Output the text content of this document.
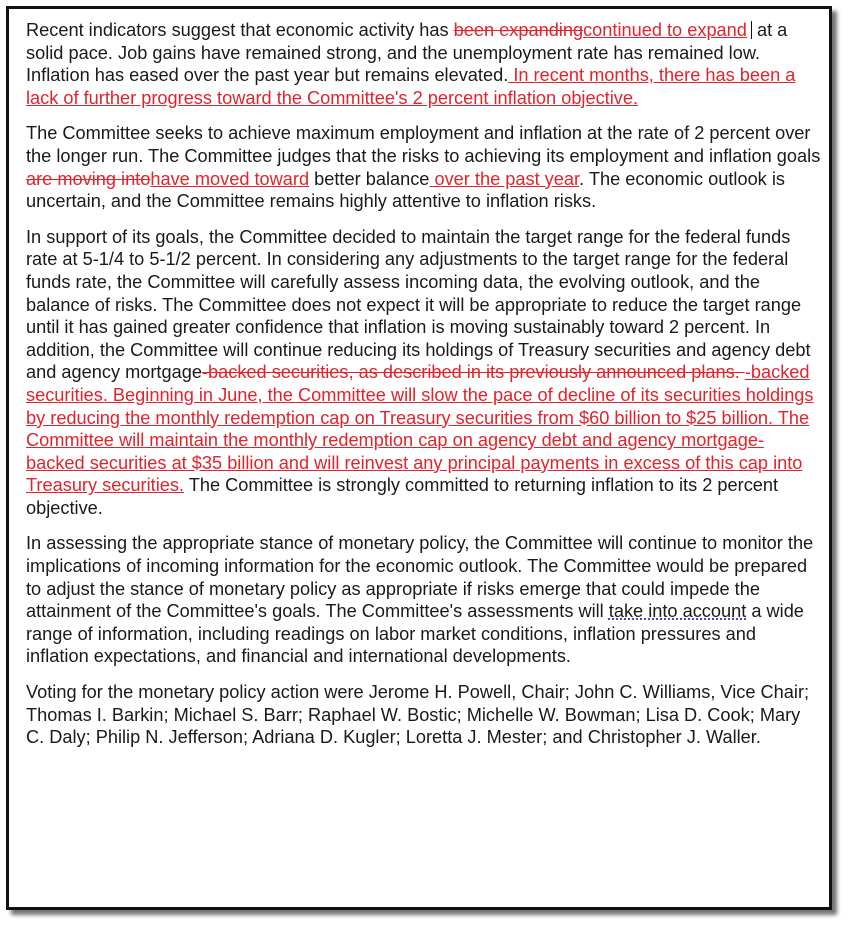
Recent indicators suggest that economic activity has been expandingcontinued to expand at a solid pace. Job gains have remained strong, and the unemployment rate has remained low. Inflation has eased over the past year but remains elevated. In recent months, there has been a lack of further progress toward the Committee's 2 percent inflation objective.

The Committee seeks to achieve maximum employment and inflation at the rate of 2 percent over the longer run. The Committee judges that the risks to achieving its employment and inflation goals are moving intohave moved toward better balance over the past year. The economic outlook is uncertain, and the Committee remains highly attentive to inflation risks.

In support of its goals, the Committee decided to maintain the target range for the federal funds rate at 5-1/4 to 5-1/2 percent. In considering any adjustments to the target range for the federal funds rate, the Committee will carefully assess incoming data, the evolving outlook, and the balance of risks. The Committee does not expect it will be appropriate to reduce the target range until it has gained greater confidence that inflation is moving sustainably toward 2 percent. In addition, the Committee will continue reducing its holdings of Treasury securities and agency debt and agency mortgage-backed securities, as described in its previously announced plans. -backed securities. Beginning in June, the Committee will slow the pace of decline of its securities holdings by reducing the monthly redemption cap on Treasury securities from $60 billion to $25 billion. The Committee will maintain the monthly redemption cap on agency debt and agency mortgage-backed securities at $35 billion and will reinvest any principal payments in excess of this cap into Treasury securities. The Committee is strongly committed to returning inflation to its 2 percent objective.

In assessing the appropriate stance of monetary policy, the Committee will continue to monitor the implications of incoming information for the economic outlook. The Committee would be prepared to adjust the stance of monetary policy as appropriate if risks emerge that could impede the attainment of the Committee's goals. The Committee's assessments will take into account a wide range of information, including readings on labor market conditions, inflation pressures and inflation expectations, and financial and international developments.

Voting for the monetary policy action were Jerome H. Powell, Chair; John C. Williams, Vice Chair; Thomas I. Barkin; Michael S. Barr; Raphael W. Bostic; Michelle W. Bowman; Lisa D. Cook; Mary C. Daly; Philip N. Jefferson; Adriana D. Kugler; Loretta J. Mester; and Christopher J. Waller.
